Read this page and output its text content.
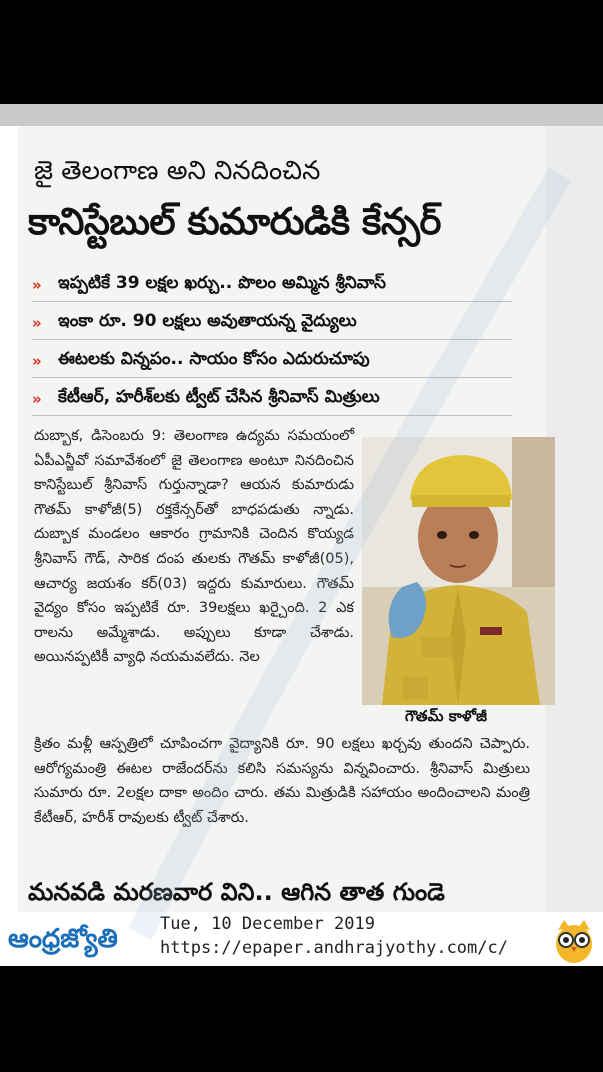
జై తెలంగాణ అని నినదించిన
కానిస్టేబుల్ కుమారుడికి కేన్సర్
» ఇప్పటికే 39 లక్షల ఖర్చు.. పొలం అమ్మిన శ్రీనివాస్
» ఇంకా రూ. 90 లక్షలు అవుతాయన్న వైద్యులు
» ఈటలకు విన్నపం.. సాయం కోసం ఎదురుచూపు
» కేటీఆర్, హరీశ్‌లకు ట్వీట్ చేసిన శ్రీనివాస్ మిత్రులు
దుబ్బాక, డిసెంబరు 9: తెలంగాణ ఉద్యమ సమయంలో ఏపీఎన్జీవో సమావేశంలో జై తెలంగాణ అంటూ నినదించిన కానిస్టేబుల్ శ్రీనివాస్ గుర్తున్నాడా? ఆయన కుమారుడు గౌతమ్ కాళోజీ(5) రక్తకేన్సర్‌తో బాధపడుతు న్నాడు. దుబ్బాక మండలం ఆకారం గ్రామానికి చెందిన కొయ్యడ శ్రీనివాస్ గౌడ్, సారిక దంప తులకు గౌతమ్ కాళోజీ(05), ఆచార్య జయశం కర్(03) ఇద్దరు కుమారులు. గౌతమ్ వైద్యం కోసం ఇప్పటికే రూ. 39లక్షలు ఖర్చైంది. 2 ఎక రాలను అమ్మేశాడు. అప్పులు కూడా చేశాడు. అయినప్పటికీ వ్యాధి నయమవలేదు. నెల
గౌతమ్ కాళోజీ
క్రితం మళ్లీ ఆస్పత్రిలో చూపించగా వైద్యానికి రూ. 90 లక్షలు ఖర్చవు తుందని చెప్పారు. ఆరోగ్యమంత్రి ఈటల రాజేందర్‌ను కలిసి సమస్యను విన్నవించారు. శ్రీనివాస్ మిత్రులు సుమారు రూ. 2లక్షల దాకా అందిం చారు. తమ మిత్రుడికి సహాయం అందించాలని మంత్రి కేటీఆర్, హరీశ్ రావులకు ట్వీట్ చేశారు.
మనవడి మరణవార విని.. ఆగిన తాత గుండె
ఆంధ్రజ్యోతి Tue, 10 December 2019
https://epaper.andhrajyothy.com/c/
